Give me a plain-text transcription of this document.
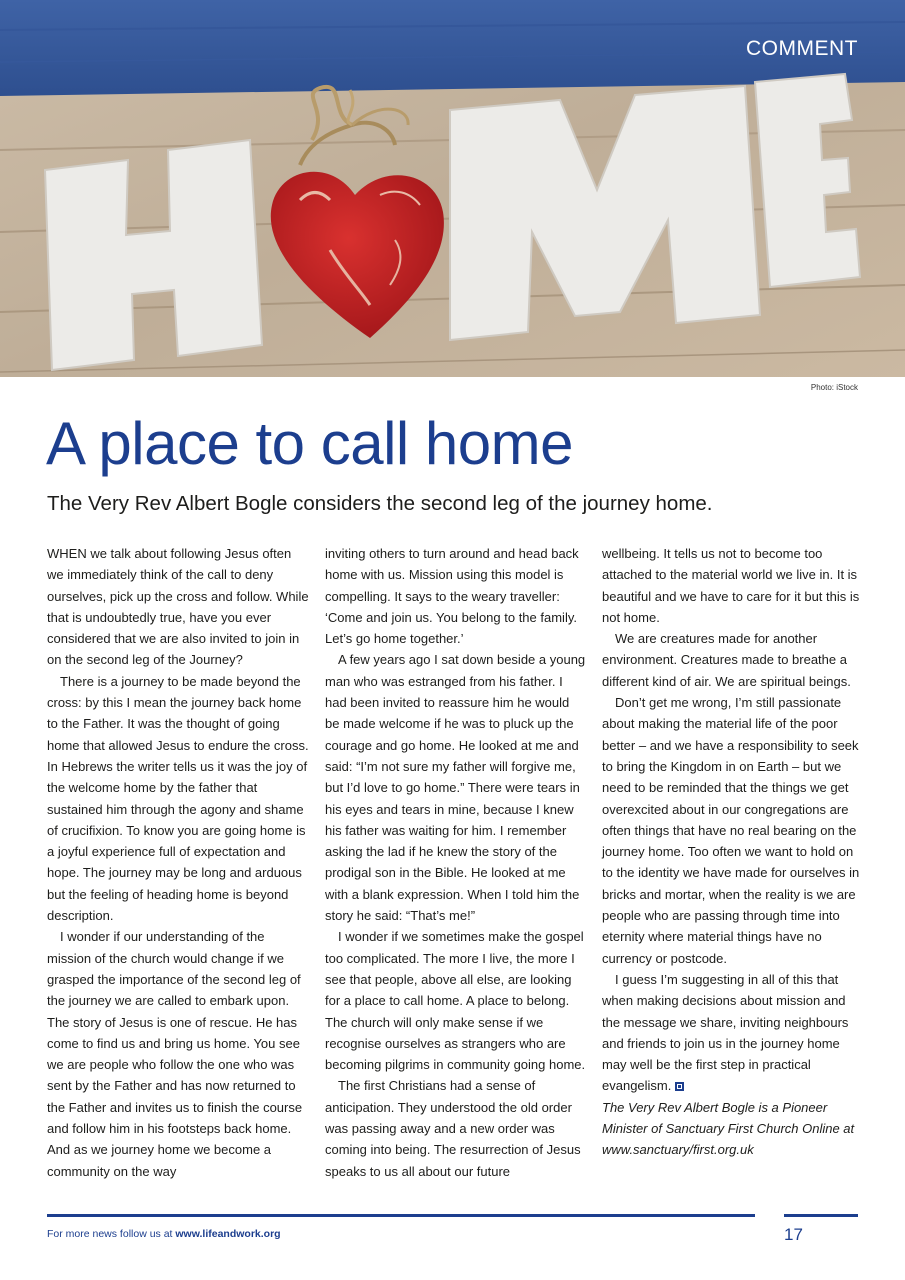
COMMENT
Photo: iStock
A place to call home

The Very Rev Albert Bogle considers the second leg of the journey home.

WHEN we talk about following Jesus often we immediately think of the call to deny ourselves, pick up the cross and follow. While that is undoubtedly true, have you ever considered that we are also invited to join in on the second leg of the Journey?

There is a journey to be made beyond the cross: by this I mean the journey back home to the Father. It was the thought of going home that allowed Jesus to endure the cross. In Hebrews the writer tells us it was the joy of the welcome home by the father that sustained him through the agony and shame of crucifixion. To know you are going home is a joyful experience full of expectation and hope. The journey may be long and arduous but the feeling of heading home is beyond description.

I wonder if our understanding of the mission of the church would change if we grasped the importance of the second leg of the journey we are called to embark upon. The story of Jesus is one of rescue. He has come to find us and bring us home. You see we are people who follow the one who was sent by the Father and has now returned to the Father and invites us to finish the course and follow him in his footsteps back home. And as we journey home we become a community on the way

inviting others to turn around and head back home with us. Mission using this model is compelling. It says to the weary traveller: ‘Come and join us. You belong to the family. Let’s go home together.’

A few years ago I sat down beside a young man who was estranged from his father. I had been invited to reassure him he would be made welcome if he was to pluck up the courage and go home. He looked at me and said: “I’m not sure my father will forgive me, but I’d love to go home.” There were tears in his eyes and tears in mine, because I knew his father was waiting for him. I remember asking the lad if he knew the story of the prodigal son in the Bible. He looked at me with a blank expression. When I told him the story he said: “That’s me!”

I wonder if we sometimes make the gospel too complicated. The more I live, the more I see that people, above all else, are looking for a place to call home. A place to belong. The church will only make sense if we recognise ourselves as strangers who are becoming pilgrims in community going home.

The first Christians had a sense of anticipation. They understood the old order was passing away and a new order was coming into being. The resurrection of Jesus speaks to us all about our future

wellbeing. It tells us not to become too attached to the material world we live in. It is beautiful and we have to care for it but this is not home.

We are creatures made for another environment. Creatures made to breathe a different kind of air. We are spiritual beings.

Don’t get me wrong, I’m still passionate about making the material life of the poor better – and we have a responsibility to seek to bring the Kingdom in on Earth – but we need to be reminded that the things we get overexcited about in our congregations are often things that have no real bearing on the journey home. Too often we want to hold on to the identity we have made for ourselves in bricks and mortar, when the reality is we are people who are passing through time into eternity where material things have no currency or postcode.

I guess I’m suggesting in all of this that when making decisions about mission and the message we share, inviting neighbours and friends to join us in the journey home may well be the first step in practical evangelism.

The Very Rev Albert Bogle is a Pioneer Minister of Sanctuary First Church Online at www.sanctuary/first.org.uk

For more news follow us at www.lifeandwork.org	17
